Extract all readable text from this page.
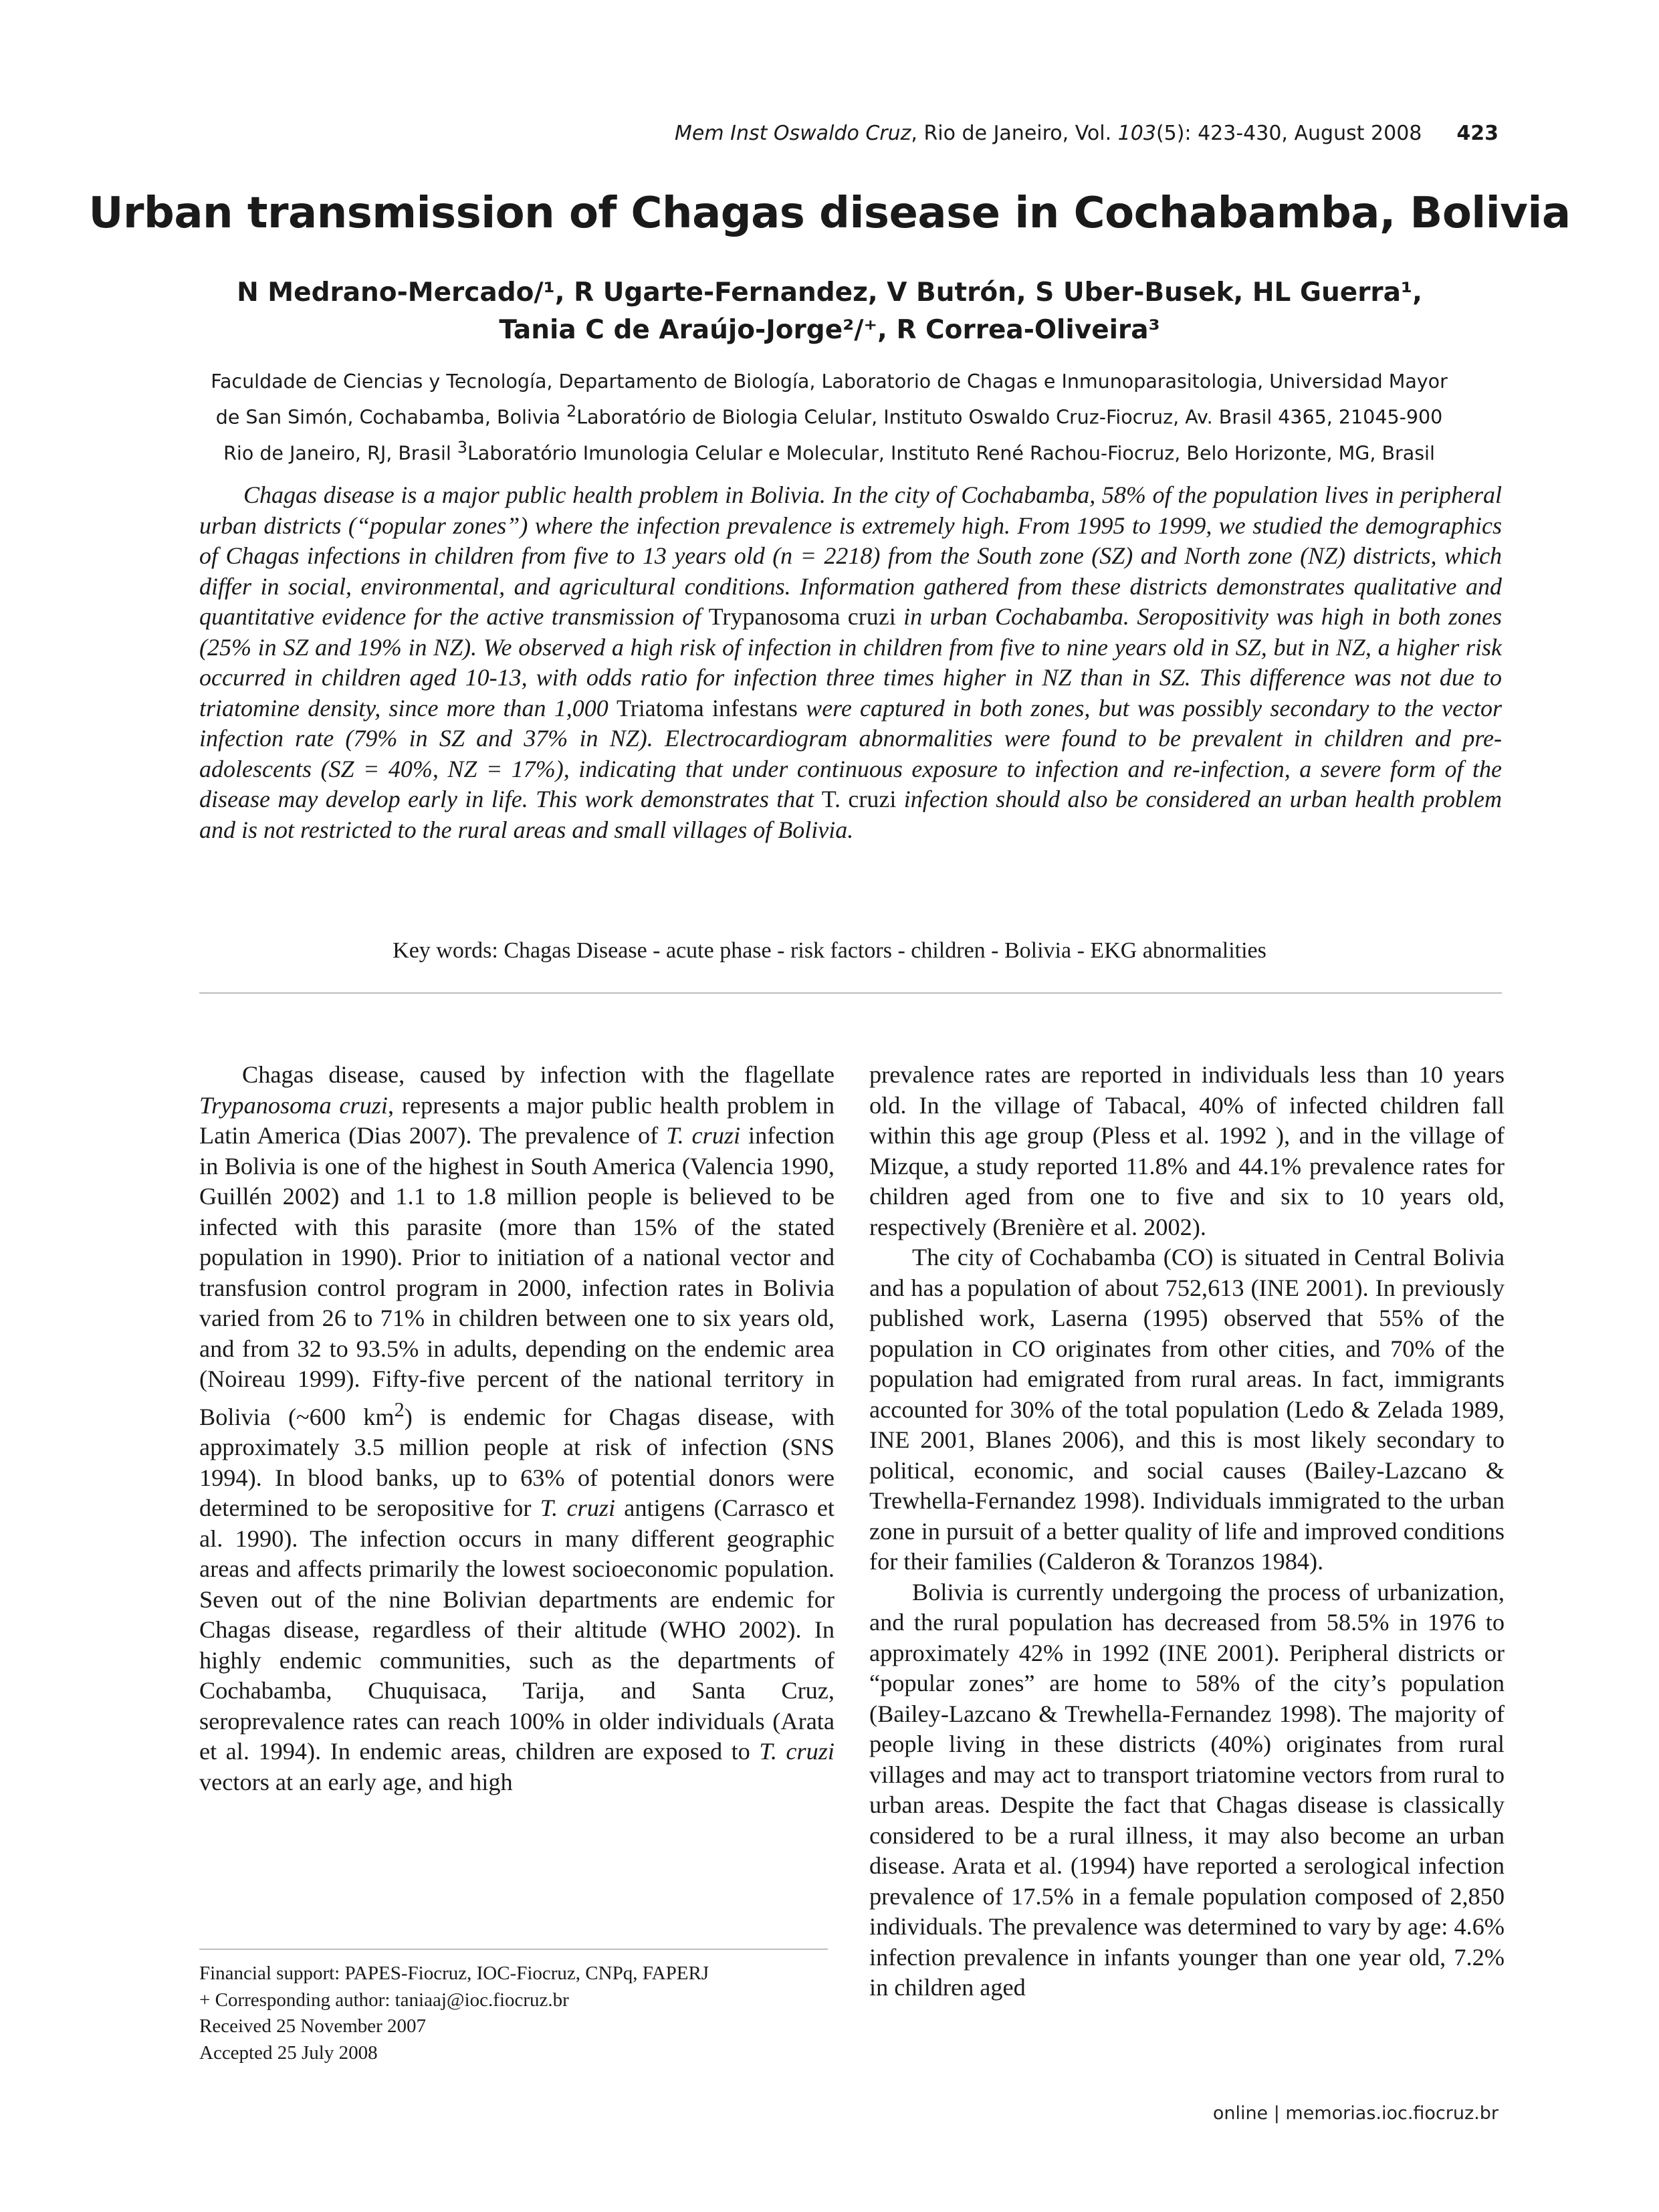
Mem Inst Oswaldo Cruz, Rio de Janeiro, Vol. 103(5): 423-430, August 2008 423
Urban transmission of Chagas disease in Cochabamba, Bolivia
N Medrano-Mercado/¹, R Ugarte-Fernandez, V Butrón, S Uber-Busek, HL Guerra¹,
Tania C de Araújo-Jorge²/⁺, R Correa-Oliveira³
Faculdade de Ciencias y Tecnología, Departamento de Biología, Laboratorio de Chagas e Inmunoparasitologia, Universidad Mayor de San Simón, Cochabamba, Bolivia $^2$Laboratório de Biologia Celular, Instituto Oswaldo Cruz-Fiocruz, Av. Brasil 4365, 21045-900 Rio de Janeiro, RJ, Brasil $^3$Laboratório Imunologia Celular e Molecular, Instituto René Rachou-Fiocruz, Belo Horizonte, MG, Brasil
Chagas disease is a major public health problem in Bolivia. In the city of Cochabamba, 58% of the population lives in peripheral urban districts (“popular zones”) where the infection prevalence is extremely high. From 1995 to 1999, we studied the demographics of Chagas infections in children from five to 13 years old (n = 2218) from the South zone (SZ) and North zone (NZ) districts, which differ in social, environmental, and agricultural conditions. Information gathered from these districts demonstrates qualitative and quantitative evidence for the active transmission of Trypanosoma cruzi in urban Cochabamba. Seropositivity was high in both zones (25% in SZ and 19% in NZ). We observed a high risk of infection in children from five to nine years old in SZ, but in NZ, a higher risk occurred in children aged 10-13, with odds ratio for infection three times higher in NZ than in SZ. This difference was not due to triatomine density, since more than 1,000 Triatoma infestans were captured in both zones, but was possibly secondary to the vector infection rate (79% in SZ and 37% in NZ). Electrocardiogram abnormalities were found to be prevalent in children and pre-adolescents (SZ = 40%, NZ = 17%), indicating that under continuous exposure to infection and re-infection, a severe form of the disease may develop early in life. This work demonstrates that T. cruzi infection should also be considered an urban health problem and is not restricted to the rural areas and small villages of Bolivia.
Key words: Chagas Disease - acute phase - risk factors - children - Bolivia - EKG abnormalities

Chagas disease, caused by infection with the flagellate Trypanosoma cruzi, represents a major public health problem in Latin America (Dias 2007). The prevalence of T. cruzi infection in Bolivia is one of the highest in South America (Valencia 1990, Guillén 2002) and 1.1 to 1.8 million people is believed to be infected with this parasite (more than 15% of the stated population in 1990). Prior to initiation of a national vector and transfusion control program in 2000, infection rates in Bolivia varied from 26 to 71% in children between one to six years old, and from 32 to 93.5% in adults, depending on the endemic area (Noireau 1999). Fifty-five percent of the national territory in Bolivia (~600 $km^2$) is endemic for Chagas disease, with approximately 3.5 million people at risk of infection (SNS 1994). In blood banks, up to 63% of potential donors were determined to be seropositive for T. cruzi antigens (Carrasco et al. 1990). The infection occurs in many different geographic areas and affects primarily the lowest socioeconomic population. Seven out of the nine Bolivian departments are endemic for Chagas disease, regardless of their altitude (WHO 2002). In highly endemic communities, such as the departments of Cochabamba, Chuquisaca, Tarija, and Santa Cruz, seroprevalence rates can reach 100% in older individuals (Arata et al. 1994). In endemic areas, children are exposed to T. cruzi vectors at an early age, and high

prevalence rates are reported in individuals less than 10 years old. In the village of Tabacal, 40% of infected children fall within this age group (Pless et al. 1992 ), and in the village of Mizque, a study reported 11.8% and 44.1% prevalence rates for children aged from one to five and six to 10 years old, respectively (Brenière et al. 2002).

The city of Cochabamba (CO) is situated in Central Bolivia and has a population of about 752,613 (INE 2001). In previously published work, Laserna (1995) observed that 55% of the population in CO originates from other cities, and 70% of the population had emigrated from rural areas. In fact, immigrants accounted for 30% of the total population (Ledo & Zelada 1989, INE 2001, Blanes 2006), and this is most likely secondary to political, economic, and social causes (Bailey-Lazcano & Trewhella-Fernandez 1998). Individuals immigrated to the urban zone in pursuit of a better quality of life and improved conditions for their families (Calderon & Toranzos 1984).

Bolivia is currently undergoing the process of urbanization, and the rural population has decreased from 58.5% in 1976 to approximately 42% in 1992 (INE 2001). Peripheral districts or “popular zones” are home to 58% of the city’s population (Bailey-Lazcano & Trewhella-Fernandez 1998). The majority of people living in these districts (40%) originates from rural villages and may act to transport triatomine vectors from rural to urban areas. Despite the fact that Chagas disease is classically considered to be a rural illness, it may also become an urban disease. Arata et al. (1994) have reported a serological infection prevalence of 17.5% in a female population composed of 2,850 individuals. The prevalence was determined to vary by age: 4.6% infection prevalence in infants younger than one year old, 7.2% in children aged

Financial support: PAPES-Fiocruz, IOC-Fiocruz, CNPq, FAPERJ
+ Corresponding author: taniaaj@ioc.fiocruz.br
Received 25 November 2007
Accepted 25 July 2008
online | memorias.ioc.fiocruz.br
